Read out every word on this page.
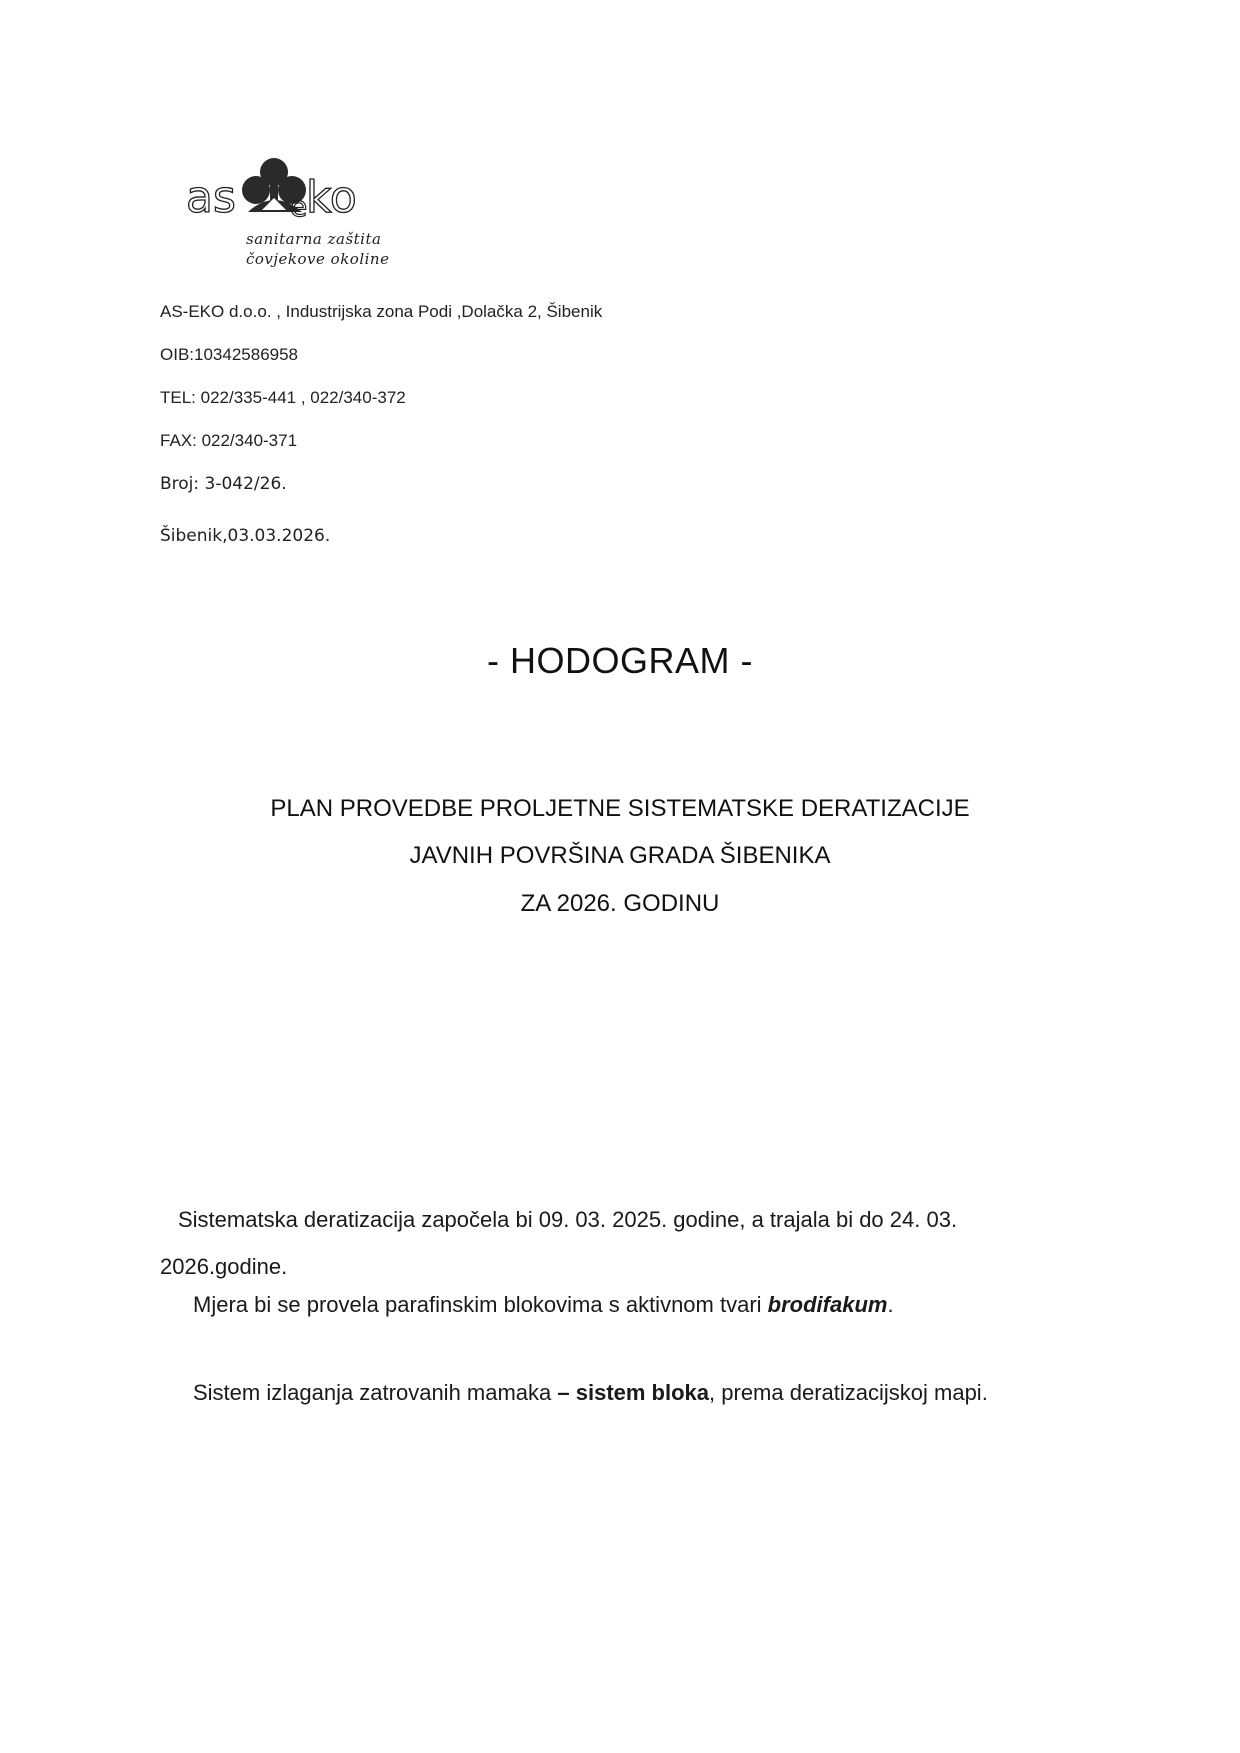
as ko
e
sanitarna zaštita
čovjekove okoline
AS-EKO d.o.o. , Industrijska zona Podi ,Dolačka 2, Šibenik
OIB:10342586958
TEL: 022/335-441 , 022/340-372
FAX: 022/340-371
Broj: 3-042/26.
Šibenik,03.03.2026.
- HODOGRAM -
PLAN PROVEDBE PROLJETNE SISTEMATSKE DERATIZACIJE
JAVNIH POVRŠINA GRADA ŠIBENIKA
ZA 2026. GODINU
Sistematska deratizacija započela bi 09. 03. 2025. godine, a trajala bi do 24. 03.
2026.godine.
Mjera bi se provela parafinskim blokovima s aktivnom tvari brodifakum.
Sistem izlaganja zatrovanih mamaka – sistem bloka, prema deratizacijskoj mapi.
